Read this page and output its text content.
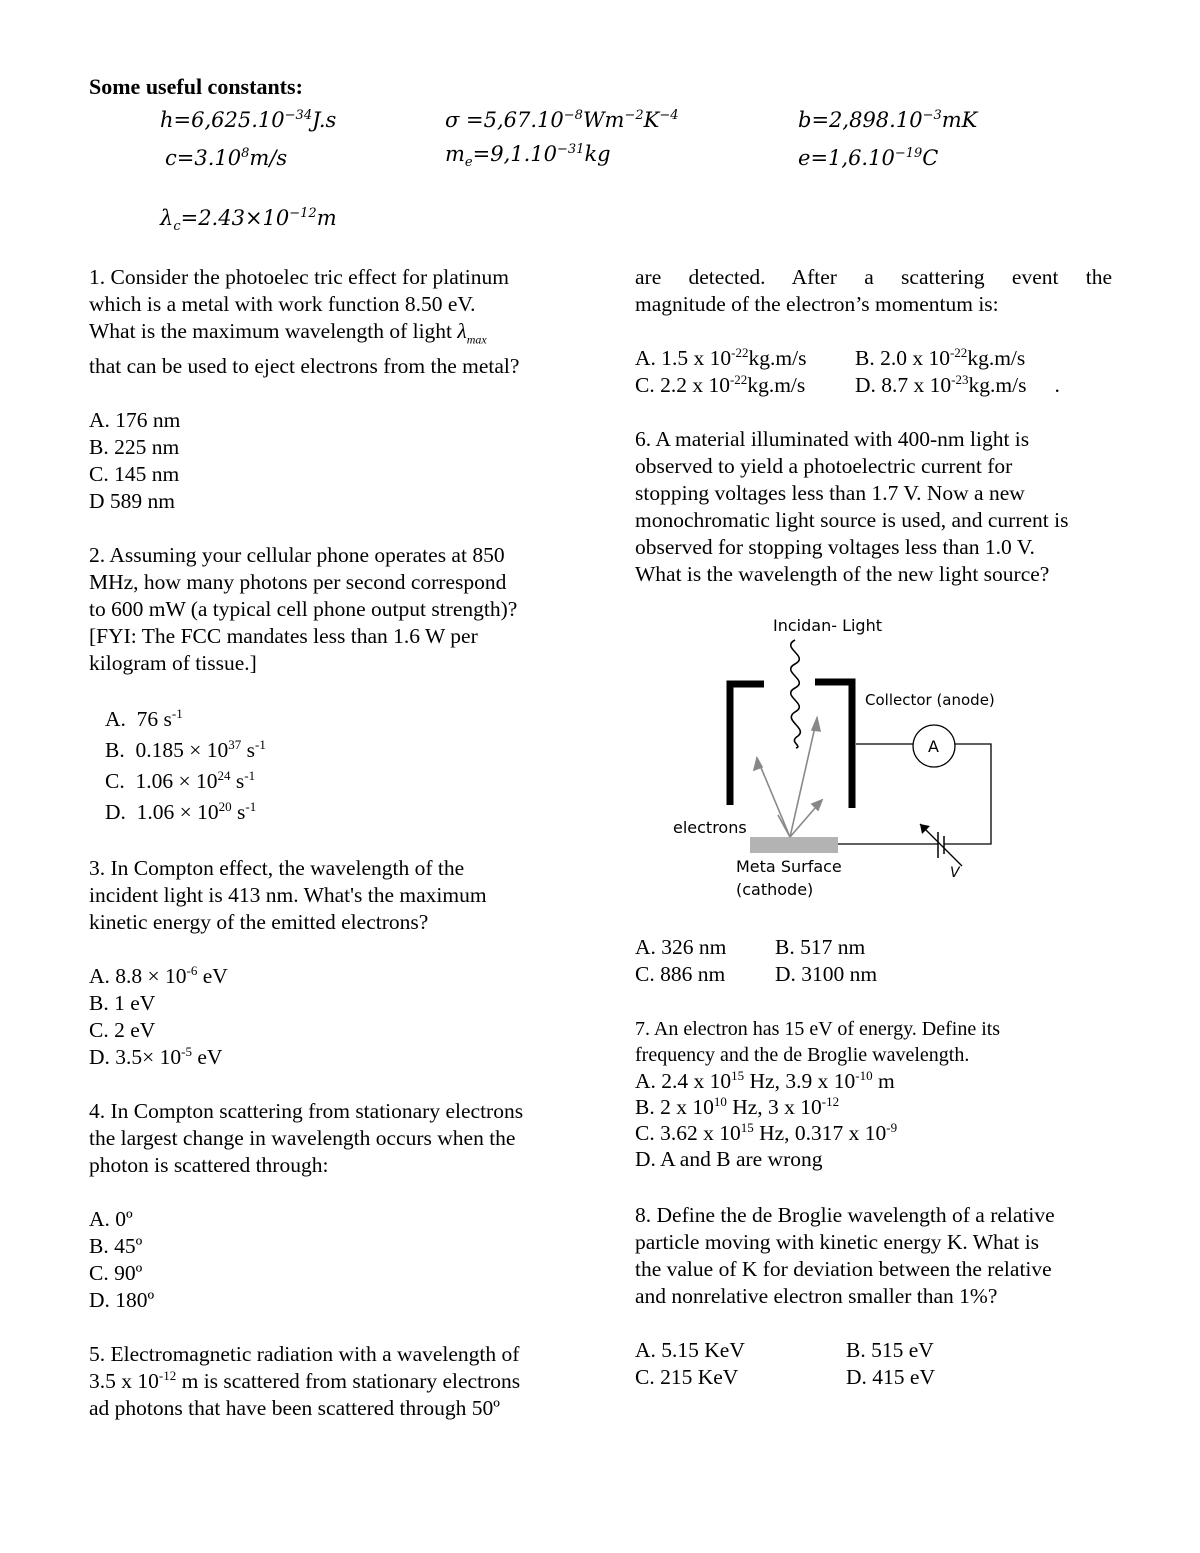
Some useful constants:
$h=6,625.10^{-34}J.s$	$\sigma =5,67.10^{-8}Wm^{-2}K^{-4}$	$b=2,898.10^{-3}mK$
$c=3.10^8m/s$	$m_e=9,1.10^{-31}kg$	$e=1,6.10^{-19}C$
$\lambda_c=2.43\times 10^{-12}m$

1. Consider the photoelec tric effect for platinum

which is a metal with work function 8.50 eV.

What is the maximum wavelength of light $\lambda_{max}$

that can be used to eject electrons from the metal?

A. 176 nm
B. 225 nm
C. 145 nm
D 589 nm

2. Assuming your cellular phone operates at 850

MHz, how many photons per second correspond

to 600 mW (a typical cell phone output strength)?

[FYI: The FCC mandates less than 1.6 W per

kilogram of tissue.]

A. 76 $s^{-1}$
B. $0.185 \times 10^{37}$ $s^{-1}$
C. $1.06 \times 10^{24}$ $s^{-1}$
D. $1.06 \times 10^{20}$ $s^{-1}$

3. In Compton effect, the wavelength of the

incident light is 413 nm. What's the maximum

kinetic energy of the emitted electrons?

A. $8.8 \times 10^{-6}$ eV
B. 1 eV
C. 2 eV
D. $3.5\times 10^{-5}$ eV

4. In Compton scattering from stationary electrons

the largest change in wavelength occurs when the

photon is scattered through:

A. 0º
B. 45º
C. 90º
D. 180º

5. Electromagnetic radiation with a wavelength of

3.5 x $10^{-12}$ m is scattered from stationary electrons

ad photons that have been scattered through 50º

are detected. After a scattering event the

magnitude of the electron’s momentum is:

A. 1.5 x $10^{-22}kg.m/s$	B. 2.0 x $10^{-22}kg.m/s$
C. 2.2 x $10^{-22}kg.m/s$	D. 8.7 x $10^{-23}kg.m/s$ .

6. A material illuminated with 400-nm light is

observed to yield a photoelectric current for

stopping voltages less than 1.7 V. Now a new

monochromatic light source is used, and current is

observed for stopping voltages less than 1.0 V.

What is the wavelength of the new light source?

Incidan- Light
Collector (anode)
A
V
electrons
Meta Surface
(cathode)
A. 326 nm	B. 517 nm
C. 886 nm	D. 3100 nm

7. An electron has 15 eV of energy. Define its

frequency and the de Broglie wavelength.

A. 2.4 x $10^{15}$ Hz, 3.9 x $10^{-10}$ m
B. 2 x $10^{10}$ Hz, 3 x $10^{-12}$
C. 3.62 x $10^{15}$ Hz, 0.317 x $10^{-9}$
D. A and B are wrong

8. Define the de Broglie wavelength of a relative

particle moving with kinetic energy K. What is

the value of K for deviation between the relative

and nonrelative electron smaller than 1%?

A. 5.15 KeV	B. 515 eV
C. 215 KeV	D. 415 eV
